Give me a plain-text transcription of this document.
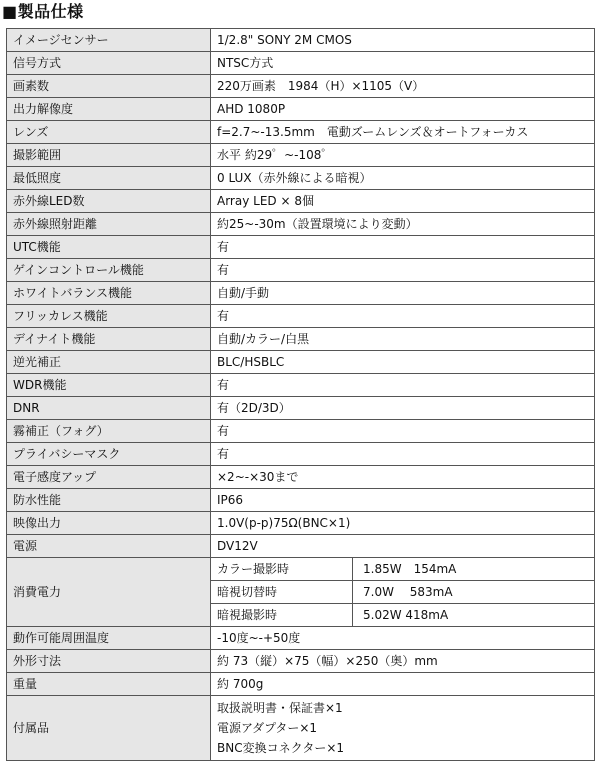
■製品仕様
イメージセンサー	1/2.8" SONY 2M CMOS	
信号方式	NTSC方式	
画素数	220万画素　1984（H）×1105（V）	
出力解像度	AHD 1080P	
レンズ	f=2.7~-13.5mm　電動ズームレンズ＆オートフォーカス	
撮影範囲	水平 約29゜~-108゜	
最低照度	0 LUX（赤外線による暗視）	
赤外線LED数	Array LED × 8個	
赤外線照射距離	約25~-30m（設置環境により変動）	
UTC機能	有	
ゲインコントロール機能	有	
ホワイトバランス機能	自動/手動	
フリッカレス機能	有	
デイナイト機能	自動/カラー/白黒	
逆光補正	BLC/HSBLC	
WDR機能	有	
DNR	有（2D/3D）	
霧補正（フォグ）	有	
プライバシーマスク	有	
電子感度アップ	×2~-×30まで	
防水性能	IP66	
映像出力	1.0V(p-p)75Ω(BNC×1)	
電源	DV12V	
消費電力	カラー撮影時	1.85W　154mA
	暗視切替時	7.0W　 583mA
	暗視撮影時	5.02W 418mA
動作可能周囲温度	-10度~-+50度	
外形寸法	約 73（縦）×75（幅）×250（奥）mm	
重量	約 700g	
付属品	取扱説明書・保証書×1
電源アダプター×1
BNC変換コネクター×1	
